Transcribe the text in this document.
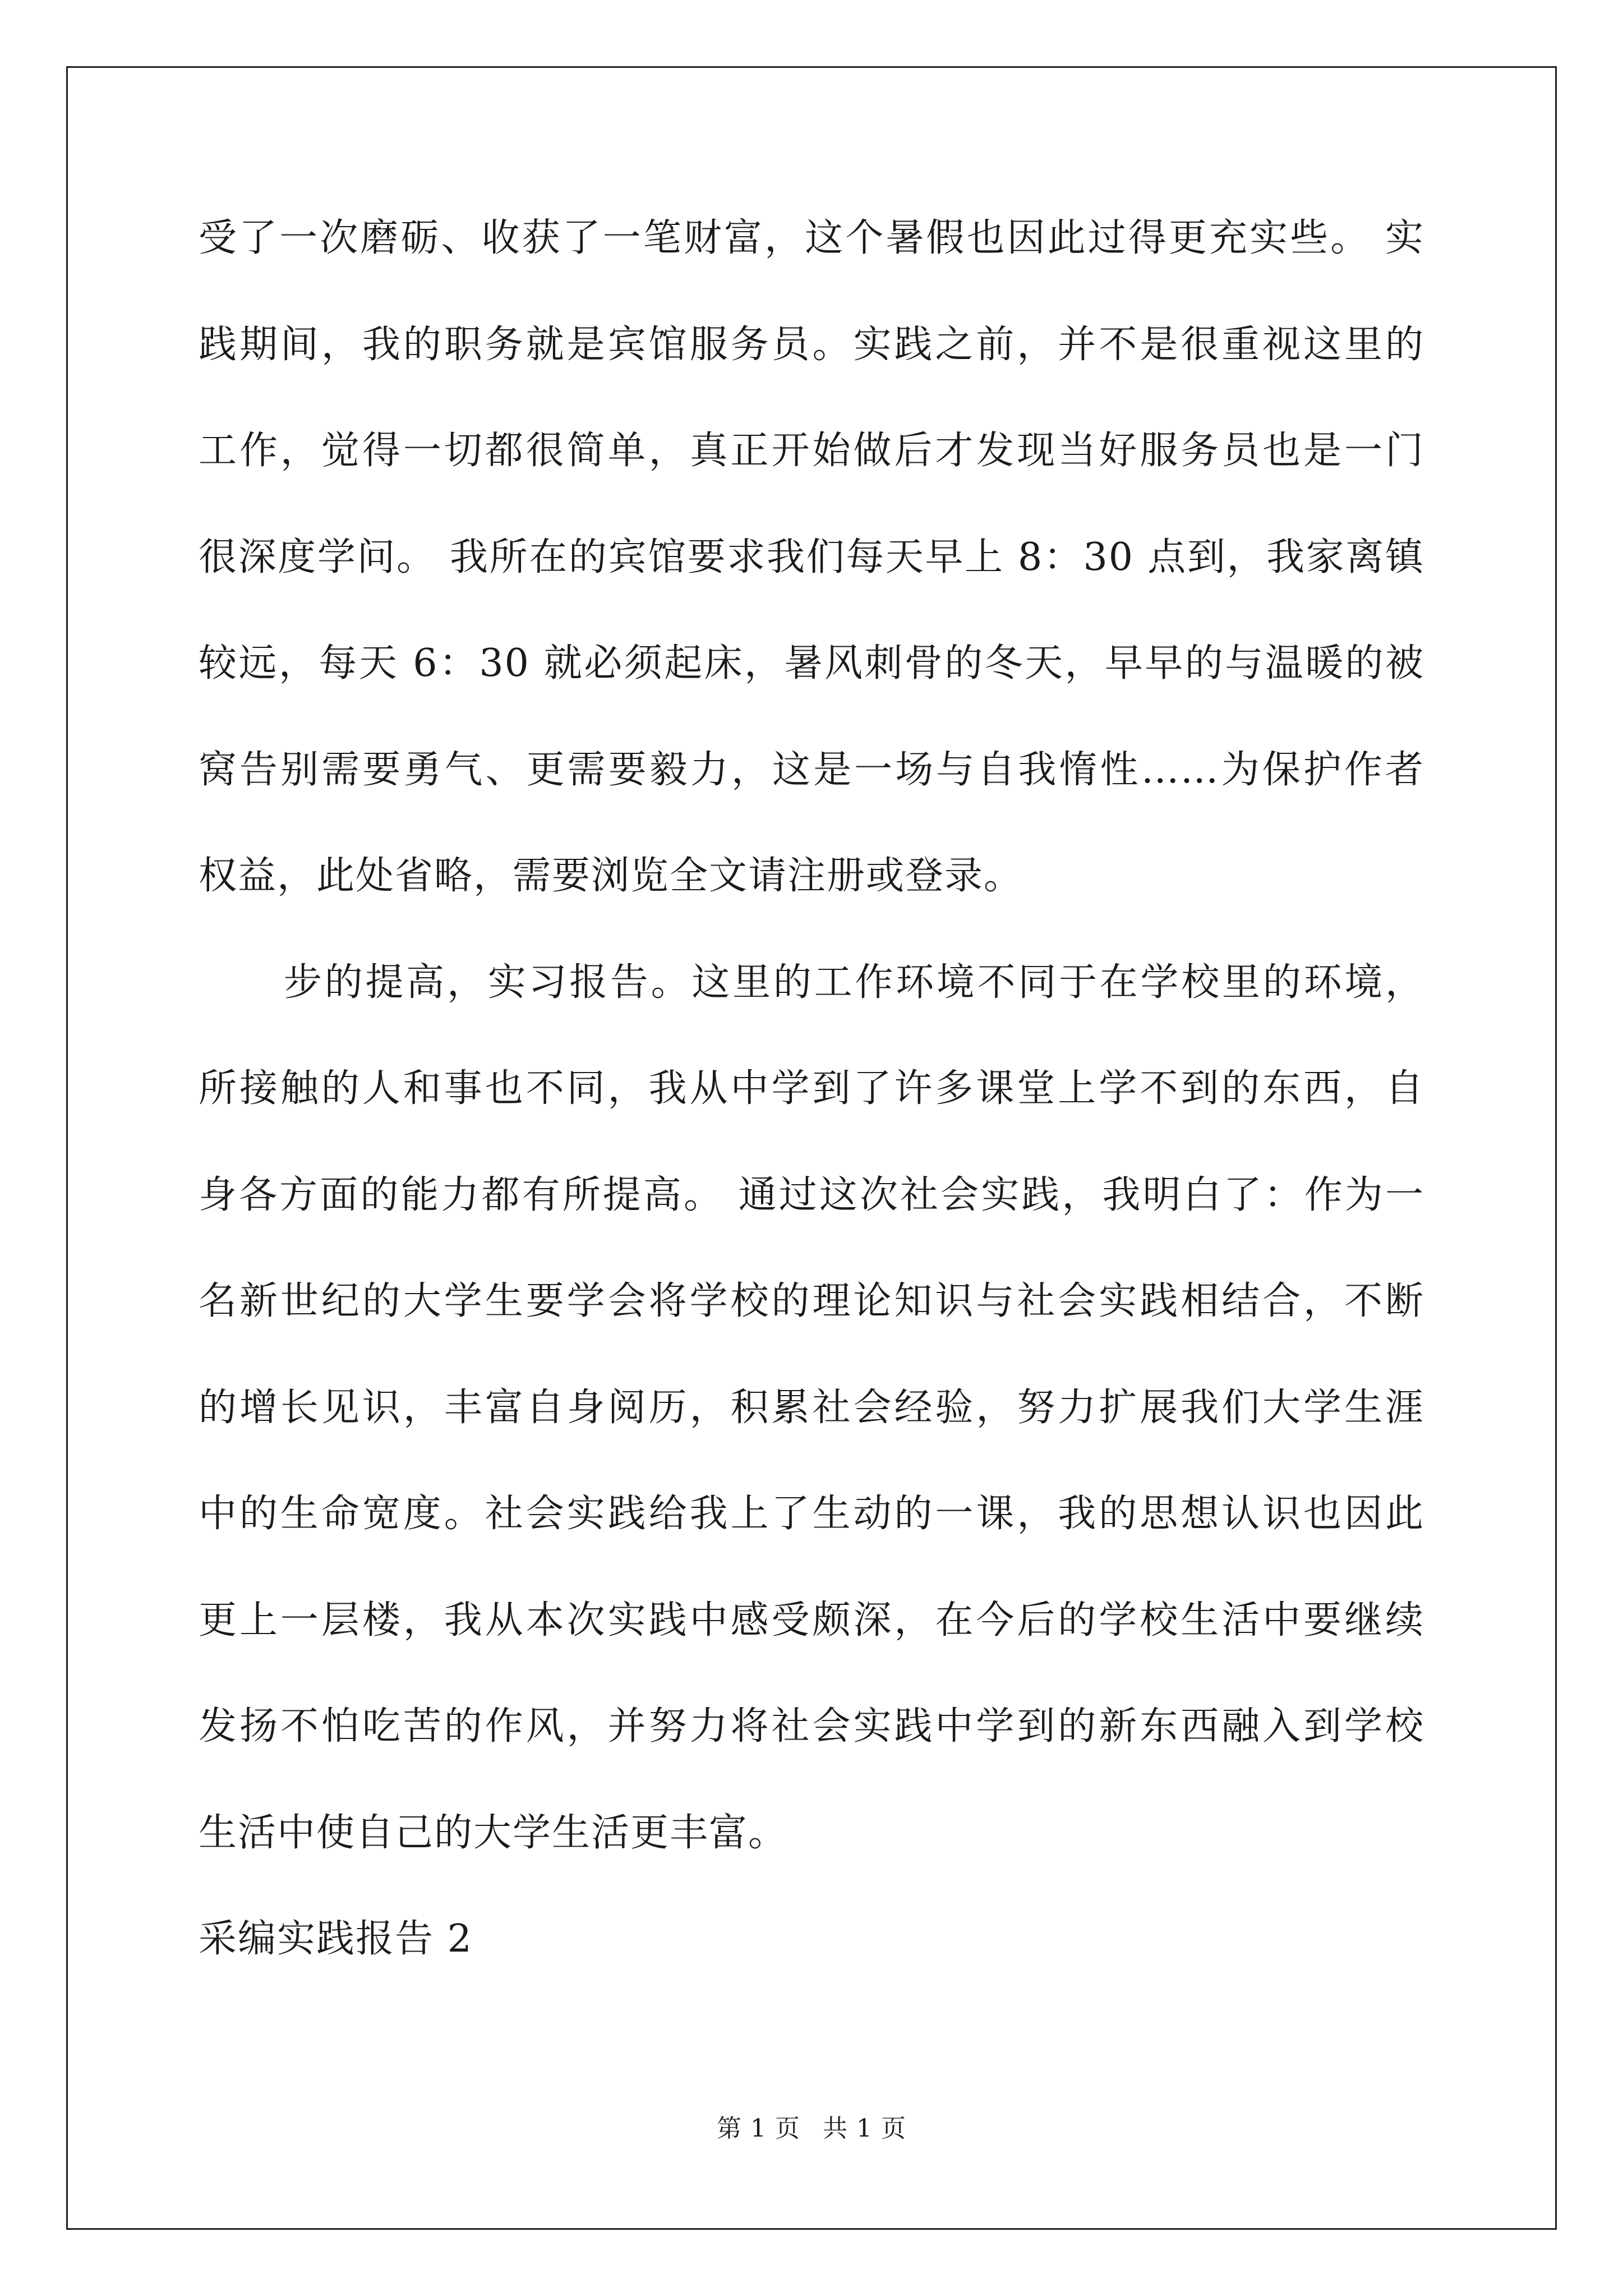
受了一次磨砺、收获了一笔财富，这个暑假也因此过得更充实些。 实
践期间，我的职务就是宾馆服务员。实践之前，并不是很重视这里的
工作，觉得一切都很简单，真正开始做后才发现当好服务员也是一门
很深度学问。 我所在的宾馆要求我们每天早上 8：30 点到，我家离镇
较远，每天 6：30 就必须起床，暑风刺骨的冬天，早早的与温暖的被
窝告别需要勇气、更需要毅力，这是一场与自我惰性……为保护作者
权益，此处省略，需要浏览全文请注册或登录。
步的提高，实习报告。这里的工作环境不同于在学校里的环境，
所接触的人和事也不同，我从中学到了许多课堂上学不到的东西，自
身各方面的能力都有所提高。 通过这次社会实践，我明白了：作为一
名新世纪的大学生要学会将学校的理论知识与社会实践相结合，不断
的增长见识，丰富自身阅历，积累社会经验，努力扩展我们大学生涯
中的生命宽度。社会实践给我上了生动的一课，我的思想认识也因此
更上一层楼，我从本次实践中感受颇深，在今后的学校生活中要继续
发扬不怕吃苦的作风，并努力将社会实践中学到的新东西融入到学校
生活中使自己的大学生活更丰富。
采编实践报告 2
第 1 页 共 1 页
